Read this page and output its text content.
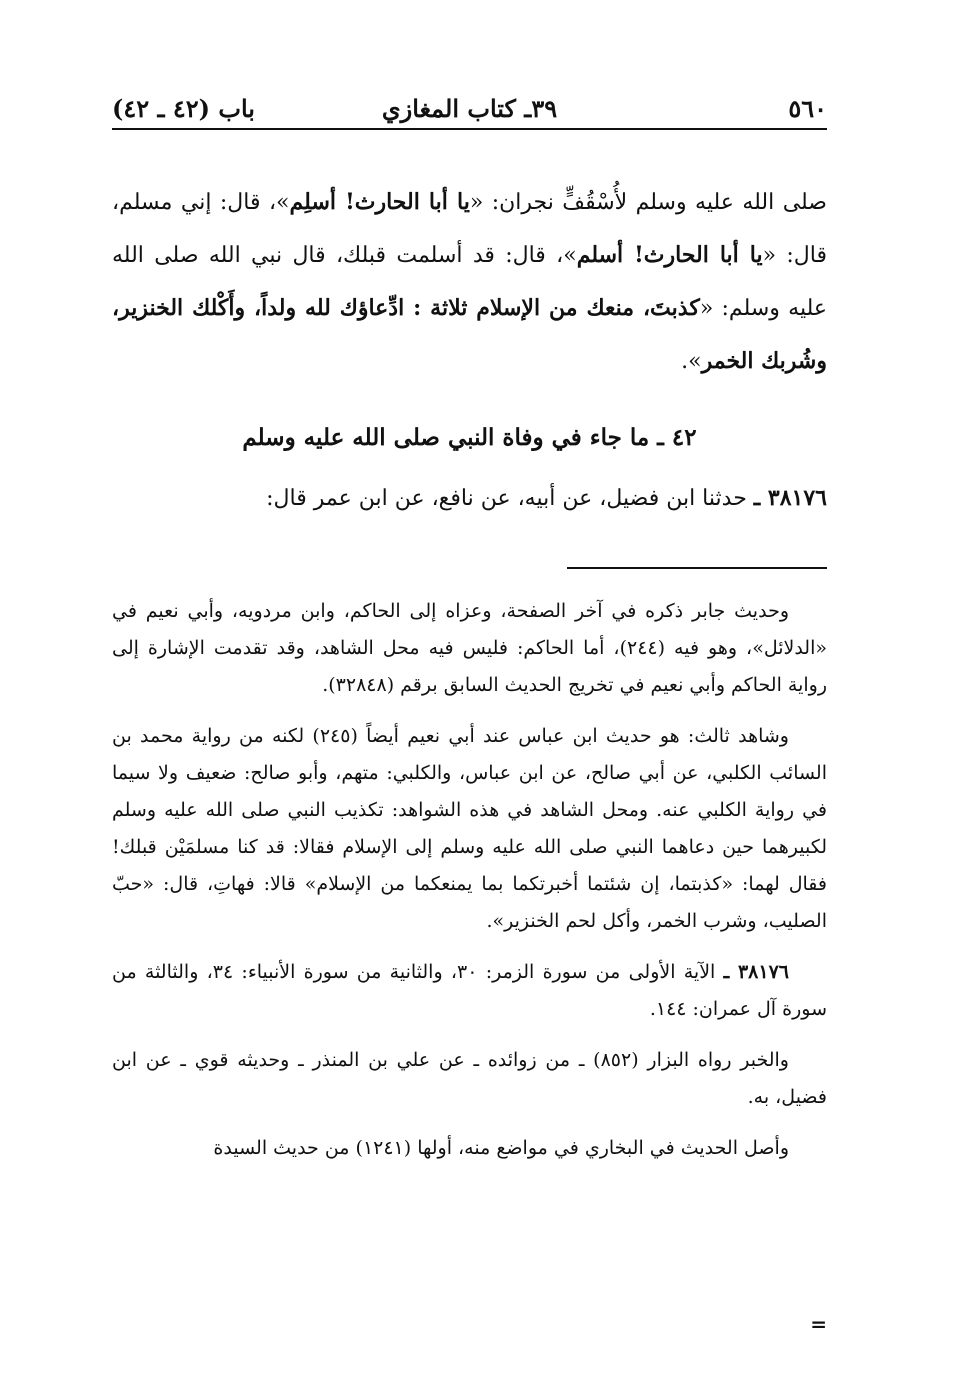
٥٦٠
٣٩ـ كتاب المغازي
باب (٤٢ ـ ٤٢)
صلى الله عليه وسلم لأُسْقُفٍّ نجران: «يا أبا الحارث! أسلِم»، قال: إني مسلم، قال: «يا أبا الحارث! أسلم»، قال: قد أسلمت قبلك، قال نبي الله صلى الله عليه وسلم: «كذبتَ، منعك من الإسلام ثلاثة : ادِّعاؤك لله ولداً، وأَكْلك الخنزير، وشُربك الخمر».
٤٢ ـ ما جاء في وفاة النبي صلى الله عليه وسلم
٣٨١٧٦ ـ حدثنا ابن فضيل، عن أبيه، عن نافع، عن ابن عمر قال:

وحديث جابر ذكره في آخر الصفحة، وعزاه إلى الحاكم، وابن مردويه، وأبي نعيم في «الدلائل»، وهو فيه (٢٤٤)، أما الحاكم: فليس فيه محل الشاهد، وقد تقدمت الإشارة إلى رواية الحاكم وأبي نعيم في تخريج الحديث السابق برقم (٣٢٨٤٨).

وشاهد ثالث: هو حديث ابن عباس عند أبي نعيم أيضاً (٢٤٥) لكنه من رواية محمد بن السائب الكلبي، عن أبي صالح، عن ابن عباس، والكلبي: متهم، وأبو صالح: ضعيف ولا سيما في رواية الكلبي عنه. ومحل الشاهد في هذه الشواهد: تكذيب النبي صلى الله عليه وسلم لكبيرهما حين دعاهما النبي صلى الله عليه وسلم إلى الإسلام فقالا: قد كنا مسلمَيْن قبلك! فقال لهما: «كذبتما، إن شئتما أخبرتكما بما يمنعكما من الإسلام» قالا: فهاتِ، قال: «حبّ الصليب، وشرب الخمر، وأكل لحم الخنزير».

٣٨١٧٦ ـ الآية الأولى من سورة الزمر: ٣٠، والثانية من سورة الأنبياء: ٣٤، والثالثة من سورة آل عمران: ١٤٤.

والخبر رواه البزار (٨٥٢) ـ من زوائده ـ عن علي بن المنذر ـ وحديثه قوي ـ عن ابن فضيل، به.

وأصل الحديث في البخاري في مواضع منه، أولها (١٢٤١) من حديث السيدة

=
